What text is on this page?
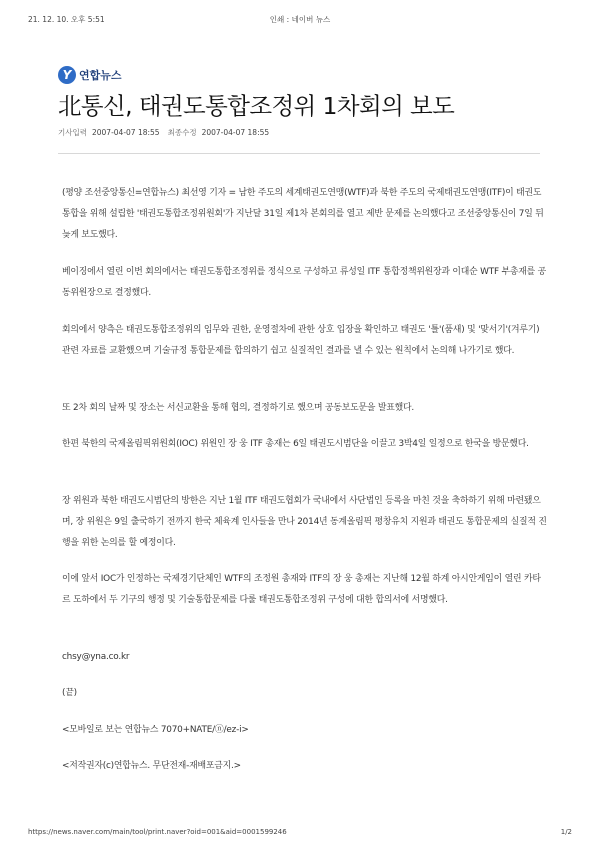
21. 12. 10. 오후 5:51	인쇄 : 네이버 뉴스
Y 연합뉴스
北통신, 태권도통합조정위 1차회의 보도
기사입력 2007-04-07 18:55 최종수정 2007-04-07 18:55

(평양 조선중앙통신=연합뉴스) 최선영 기자 = 남한 주도의 세계태권도연맹(WTF)과 북한 주도의 국제태권도연맹(ITF)이 태권도 통합을 위해 설립한 '태권도통합조정위원회'가 지난달 31일 제1차 본회의를 열고 제반 문제를 논의했다고 조선중앙통신이 7일 뒤늦게 보도했다.

베이징에서 열린 이번 회의에서는 태권도통합조정위를 정식으로 구성하고 류성일 ITF 통합정책위원장과 이대순 WTF 부총재를 공동위원장으로 결정했다.

회의에서 양측은 태권도통합조정위의 임무와 권한, 운영절차에 관한 상호 입장을 확인하고 태권도 '틀'(품새) 및 '맞서기'(겨루기) 관련 자료를 교환했으며 기술규정 통합문제를 합의하기 쉽고 실질적인 결과를 낼 수 있는 원칙에서 논의해 나가기로 했다.

또 2차 회의 날짜 및 장소는 서신교환을 통해 협의, 결정하기로 했으며 공동보도문을 발표했다.

한편 북한의 국제올림픽위원회(IOC) 위원인 장 웅 ITF 총재는 6일 태권도시범단을 이끌고 3박4일 일정으로 한국을 방문했다.

장 위원과 북한 태권도시범단의 방한은 지난 1월 ITF 태권도협회가 국내에서 사단법인 등록을 마친 것을 축하하기 위해 마련됐으며, 장 위원은 9일 출국하기 전까지 한국 체육계 인사들을 만나 2014년 동계올림픽 평창유치 지원과 태권도 통합문제의 실질적 진행을 위한 논의를 할 예정이다.

이에 앞서 IOC가 인정하는 국제경기단체인 WTF의 조정원 총재와 ITF의 장 웅 총재는 지난해 12월 하계 아시안게임이 열린 카타르 도하에서 두 기구의 행정 및 기술통합문제를 다룰 태권도통합조정위 구성에 대한 합의서에 서명했다.

chsy@yna.co.kr

(끝)

<모바일로 보는 연합뉴스 7070+NATE/ⓝ/ez-i>

<저작권자(c)연합뉴스. 무단전재-재배포금지.>

https://news.naver.com/main/tool/print.naver?oid=001&aid=0001599246	1/2
